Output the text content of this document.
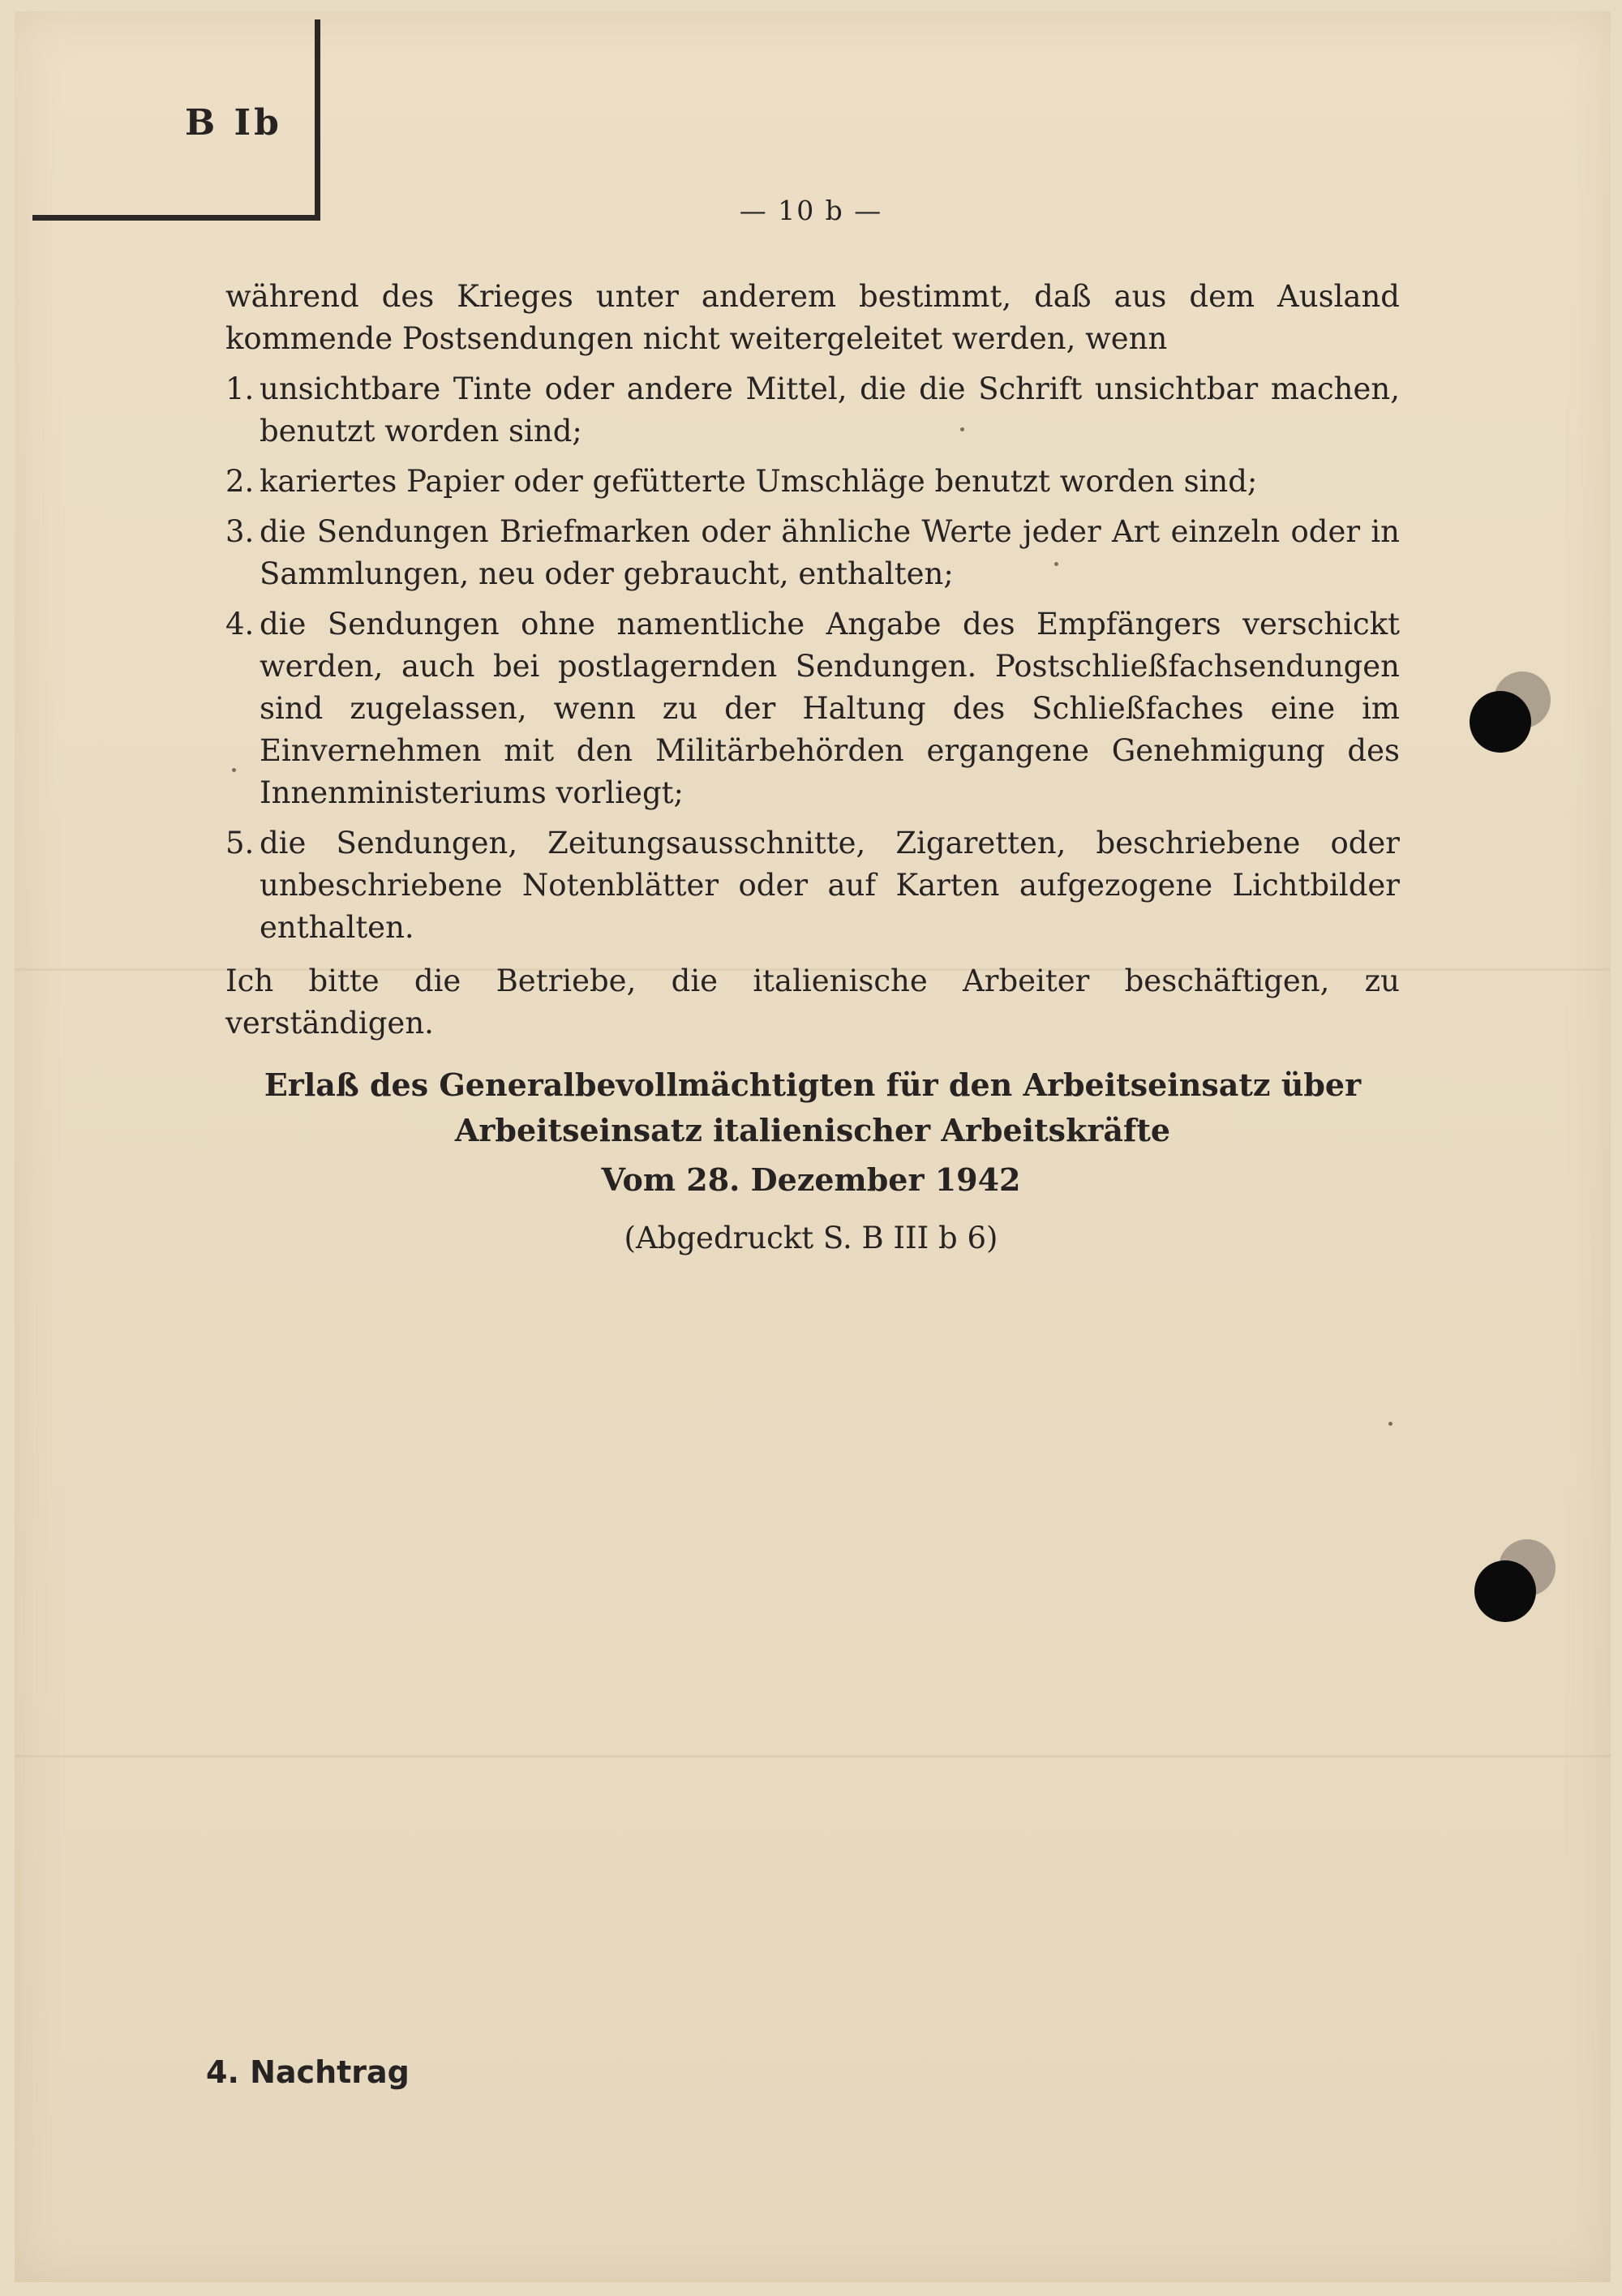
B Ib
— 10 b —

während des Krieges unter anderem bestimmt, daß aus dem Ausland kommende Postsendungen nicht weitergeleitet werden, wenn

1. unsichtbare Tinte oder andere Mittel, die die Schrift unsichtbar machen, benutzt worden sind;
2. kariertes Papier oder gefütterte Umschläge benutzt worden sind;
3. die Sendungen Briefmarken oder ähnliche Werte jeder Art einzeln oder in Sammlungen, neu oder gebraucht, enthalten;
4. die Sendungen ohne namentliche Angabe des Empfängers verschickt werden, auch bei postlagernden Sendungen. Postschließfachsendungen sind zugelassen, wenn zu der Haltung des Schließfaches eine im Einvernehmen mit den Militärbehörden ergangene Genehmigung des Innenministeriums vorliegt;
5. die Sendungen, Zeitungsausschnitte, Zigaretten, beschriebene oder unbeschriebene Notenblätter oder auf Karten aufgezogene Lichtbilder enthalten.

Ich bitte die Betriebe, die italienische Arbeiter beschäftigen, zu verständigen.

Erlaß des Generalbevollmächtigten für den Arbeitseinsatz über Arbeitseinsatz italienischer Arbeitskräfte
Vom 28. Dezember 1942
(Abgedruckt S. B III b 6)
4. Nachtrag
